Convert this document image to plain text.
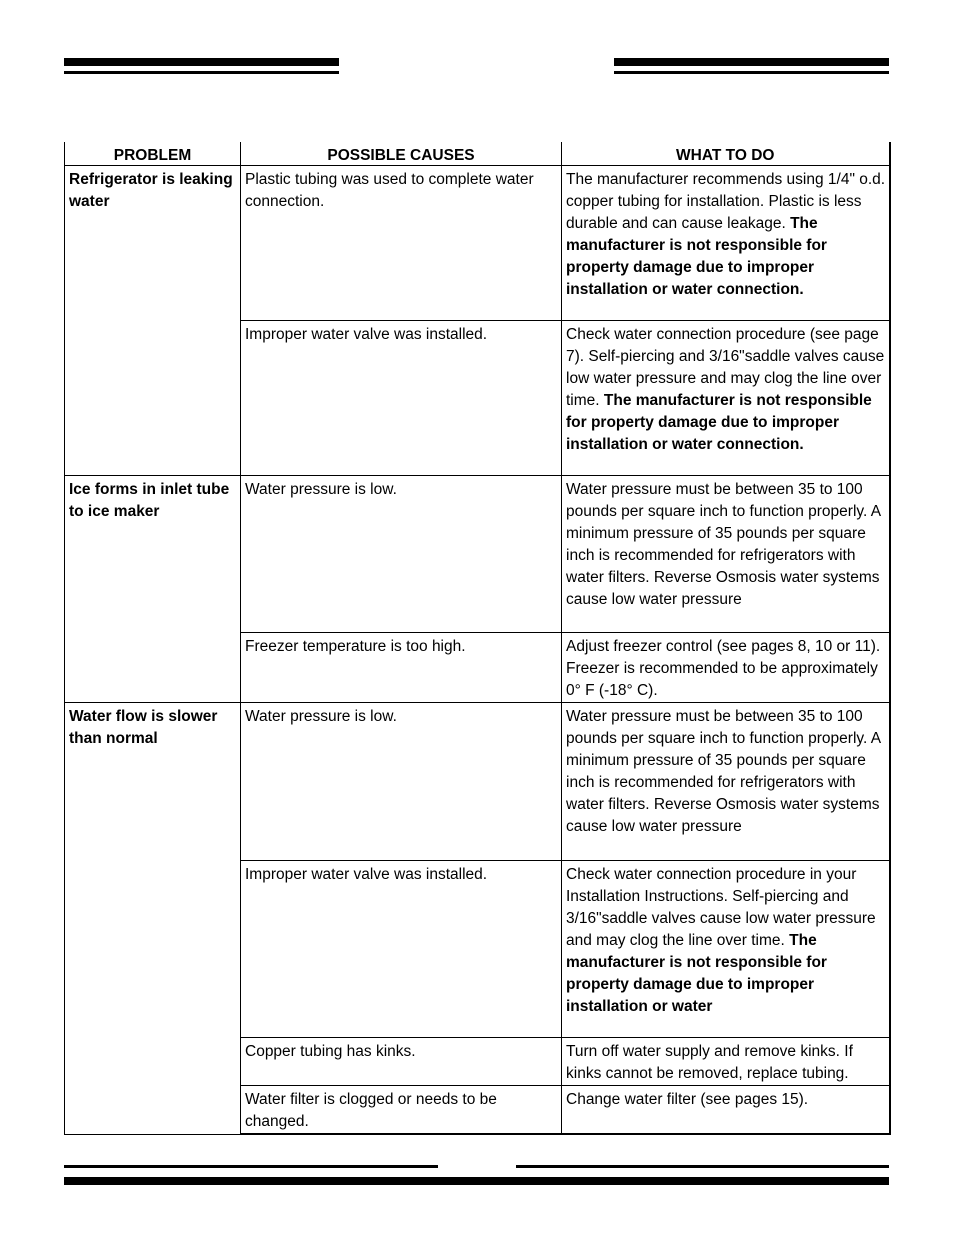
PROBLEM	POSSIBLE CAUSES	WHAT TO DO
Refrigerator is leaking water	Plastic tubing was used to complete water connection.	The manufacturer recommends using 1/4" o.d. copper tubing for installation. Plastic is less durable and can cause leakage. The manufacturer is not responsible for property damage due to improper installation or water connection.
	Improper water valve was installed.	Check water connection procedure (see page 7). Self-piercing and 3/16"saddle valves cause low water pressure and may clog the line over time. The manufacturer is not responsible for property damage due to improper installation or water connection.
Ice forms in inlet tube to ice maker	Water pressure is low.	Water pressure must be between 35 to 100 pounds per square inch to function properly. A minimum pressure of 35 pounds per square inch is recommended for refrigerators with water filters. Reverse Osmosis water systems cause low water pressure
	Freezer temperature is too high.	Adjust freezer control (see pages 8, 10 or 11). Freezer is recommended to be approximately 0° F (-18° C).
Water flow is slower than normal	Water pressure is low.	Water pressure must be between 35 to 100 pounds per square inch to function properly. A minimum pressure of 35 pounds per square inch is recommended for refrigerators with water filters. Reverse Osmosis water systems cause low water pressure
	Improper water valve was installed.	Check water connection procedure in your Installation Instructions. Self-piercing and 3/16"saddle valves cause low water pressure and may clog the line over time. The manufacturer is not responsible for property damage due to improper installation or water
	Copper tubing has kinks.	Turn off water supply and remove kinks. If kinks cannot be removed, replace tubing.
	Water filter is clogged or needs to be changed.	Change water filter (see pages 15).
